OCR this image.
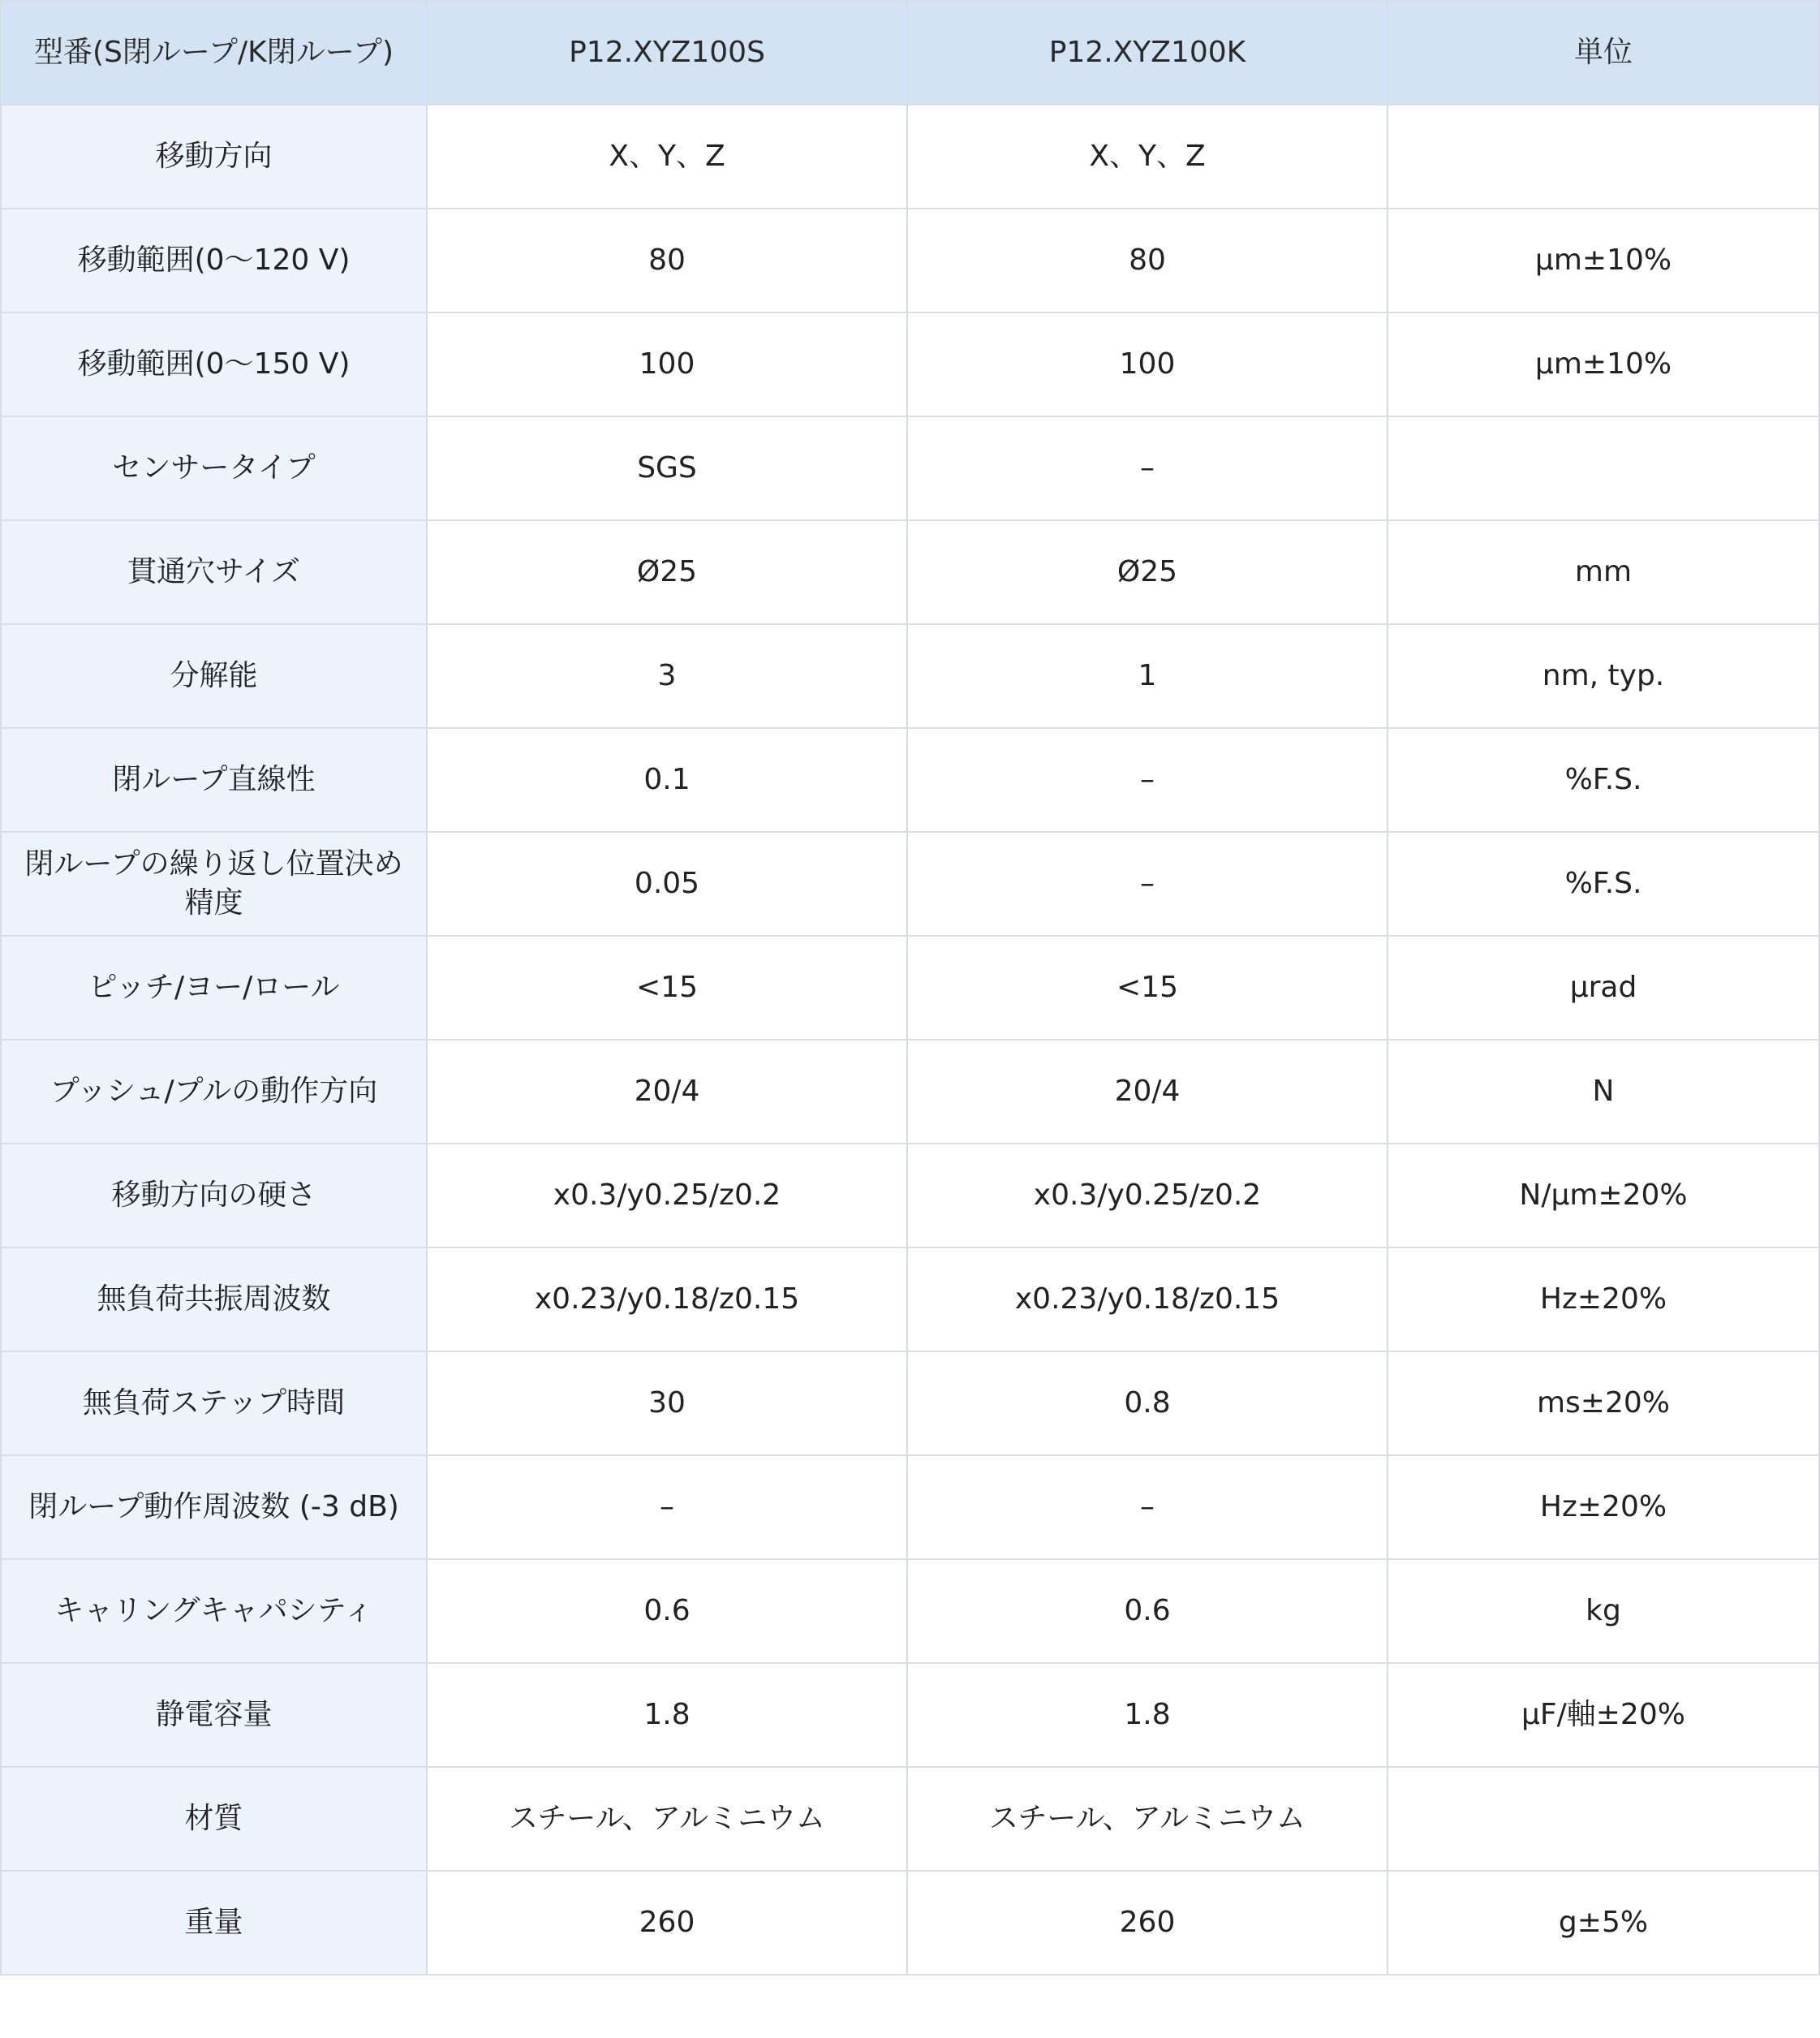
型番(S閉ループ/K閉ループ)	P12.XYZ100S	P12.XYZ100K	単位
移動方向	X、Y、Z	X、Y、Z	
移動範囲(0～120 V)	80	80	µm±10%
移動範囲(0～150 V)	100	100	µm±10%
センサータイプ	SGS	–	
貫通穴サイズ	Ø25	Ø25	mm
分解能	3	1	nm, typ.
閉ループ直線性	0.1	–	%F.S.
閉ループの繰り返し位置決め精度	0.05	–	%F.S.
ピッチ/ヨー/ロール	<15	<15	µrad
プッシュ/プルの動作方向	20/4	20/4	N
移動方向の硬さ	x0.3/y0.25/z0.2	x0.3/y0.25/z0.2	N/µm±20%
無負荷共振周波数	x0.23/y0.18/z0.15	x0.23/y0.18/z0.15	Hz±20%
無負荷ステップ時間	30	0.8	ms±20%
閉ループ動作周波数 (-3 dB)	–	–	Hz±20%
キャリングキャパシティ	0.6	0.6	kg
静電容量	1.8	1.8	µF/軸±20%
材質	スチール、アルミニウム	スチール、アルミニウム	
重量	260	260	g±5%
